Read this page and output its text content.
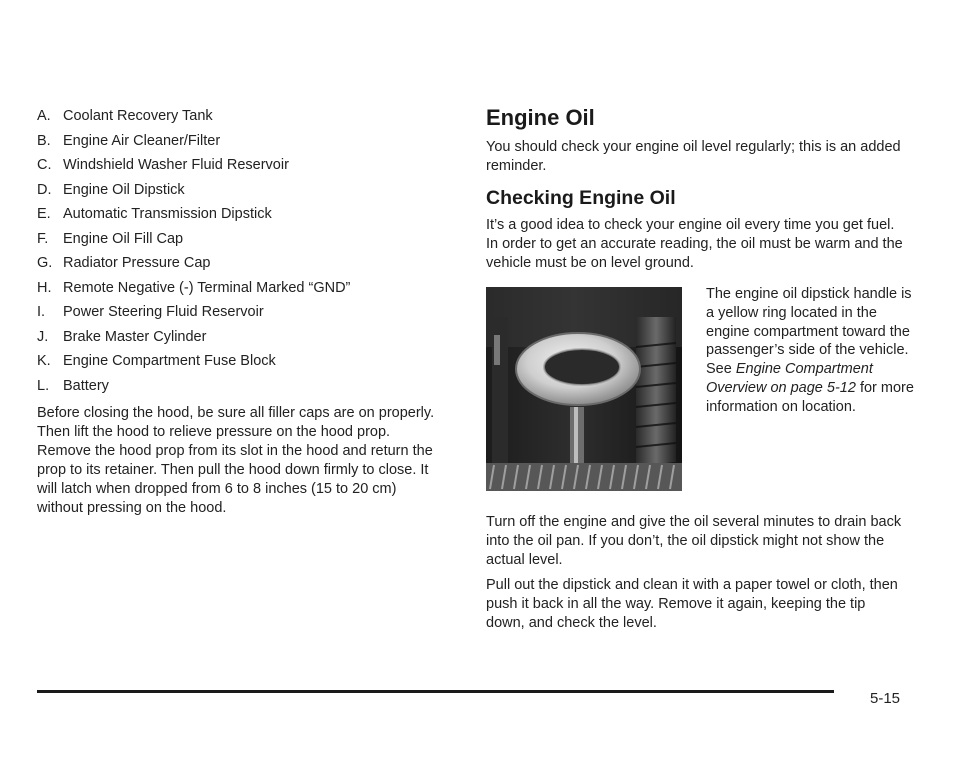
A. Coolant Recovery Tank
B. Engine Air Cleaner/Filter
C. Windshield Washer Fluid Reservoir
D. Engine Oil Dipstick
E. Automatic Transmission Dipstick
F.	Engine Oil Fill Cap
G. Radiator Pressure Cap
H. Remote Negative (-) Terminal Marked “GND”
I.	Power Steering Fluid Reservoir
J.	Brake Master Cylinder
K. Engine Compartment Fuse Block
L. Battery

Before closing the hood, be sure all filler caps are on properly. Then lift the hood to relieve pressure on the hood prop. Remove the hood prop from its slot in the hood and return the prop to its retainer. Then pull the hood down firmly to close. It will latch when dropped from 6 to 8 inches (15 to 20 cm) without pressing on the hood.

Engine Oil

You should check your engine oil level regularly; this is an added reminder.

Checking Engine Oil

It’s a good idea to check your engine oil every time you get fuel. In order to get an accurate reading, the oil must be warm and the vehicle must be on level ground.

The engine oil dipstick handle is a yellow ring located in the engine compartment toward the passenger’s side of the vehicle. See Engine Compartment Overview on page 5-12 for more information on location.

Turn off the engine and give the oil several minutes to drain back into the oil pan. If you don’t, the oil dipstick might not show the actual level.

Pull out the dipstick and clean it with a paper towel or cloth, then push it back in all the way. Remove it again, keeping the tip down, and check the level.

5-15
